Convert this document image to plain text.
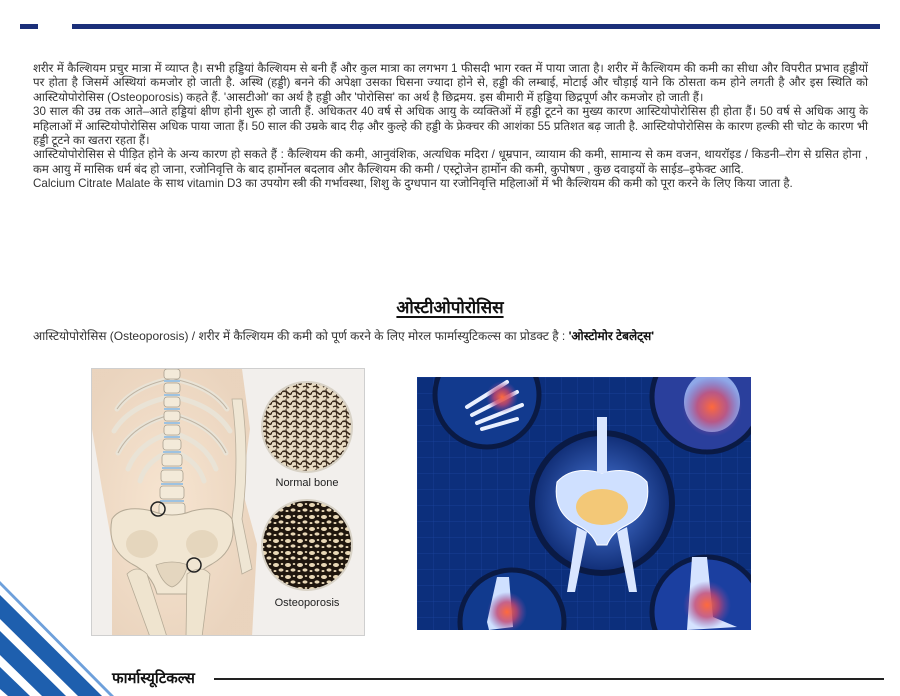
शरीर में कैल्शियम प्रचुर मात्रा में व्याप्त है। सभी हड्डियां कैल्शियम से बनी हैं और कुल मात्रा का लगभग 1 फीसदी भाग रक्त में पाया जाता है। शरीर में कैल्शियम की कमी का सीधा और विपरीत प्रभाव हड्डीयों पर होता है जिसमें अस्थियां कमजोर हो जाती है. अस्थि (हड्डी) बनने की अपेक्षा उसका घिसना ज्यादा होने से, हड्डी की लम्बाई, मोटाई और चौड़ाई याने कि ठोसता कम होने लगती है और इस स्थिति को आस्टियोपोरोसिस (Osteoporosis) कहते हैं. 'आसटीओ' का अर्थ है हड्डी और 'पोरोसिस' का अर्थ है छिद्रमय. इस बीमारी में हड्डिया छिद्रपूर्ण और कमजोर हो जाती हैं।

30 साल की उम्र तक आते–आते हड्डियां क्षीण होनी शुरू हो जाती हैं. अधिकतर 40 वर्ष से अधिक आयु के व्यक्तिओं में हड्डी टूटने का मुख्य कारण आस्टियोपोरोसिस ही होता हैं। 50 वर्ष से अधिक आयु के महिलाओं में आस्टियोपोरोसिस अधिक पाया जाता हैं। 50 साल की उम्रके बाद रीढ़ और कुल्हे की हड्डी के फ्रेक्चर की आशंका 55 प्रतिशत बढ़ जाती है. आस्टियोपोरोसिस के कारण हल्की सी चोट के कारण भी हड्डी टूटने का खतरा रहता हैं।

आस्टियोपोरोसिस से पीड़ित होने के अन्य कारण हो सकते हैं : कैल्शियम की कमी, आनुवंशिक, अत्यधिक मदिरा / धूम्रपान, व्यायाम की कमी, सामान्य से कम वजन, थायरॉइड / किडनी–रोग से ग्रसित होना , कम आयु में मासिक धर्म बंद हो जाना, रजोनिवृत्ति के बाद हार्मोनल बदलाव और कैल्शियम की कमी / एस्ट्रोजेन हार्मोन की कमी, कुपोषण , कुछ दवाइयों के साईड–इफेक्ट आदि.

Calcium Citrate Malate के साथ vitamin D3 का उपयोग स्त्री की गर्भावस्था, शिशु के दुग्धपान या रजोनिवृत्ति महिलाओं में भी कैल्शियम की कमी को पूरा करने के लिए किया जाता है.

ओस्टीओपोरोसिस
आस्टियोपोरोसिस (Osteoporosis) / शरीर में कैल्शियम की कमी को पूर्ण करने के लिए मोरल फार्मास्युटिकल्स का प्रोडक्ट है : 'ओस्टोमोर टेबलेट्स'
Normal bone
Osteoporosis
फार्मास्यूटिकल्स
